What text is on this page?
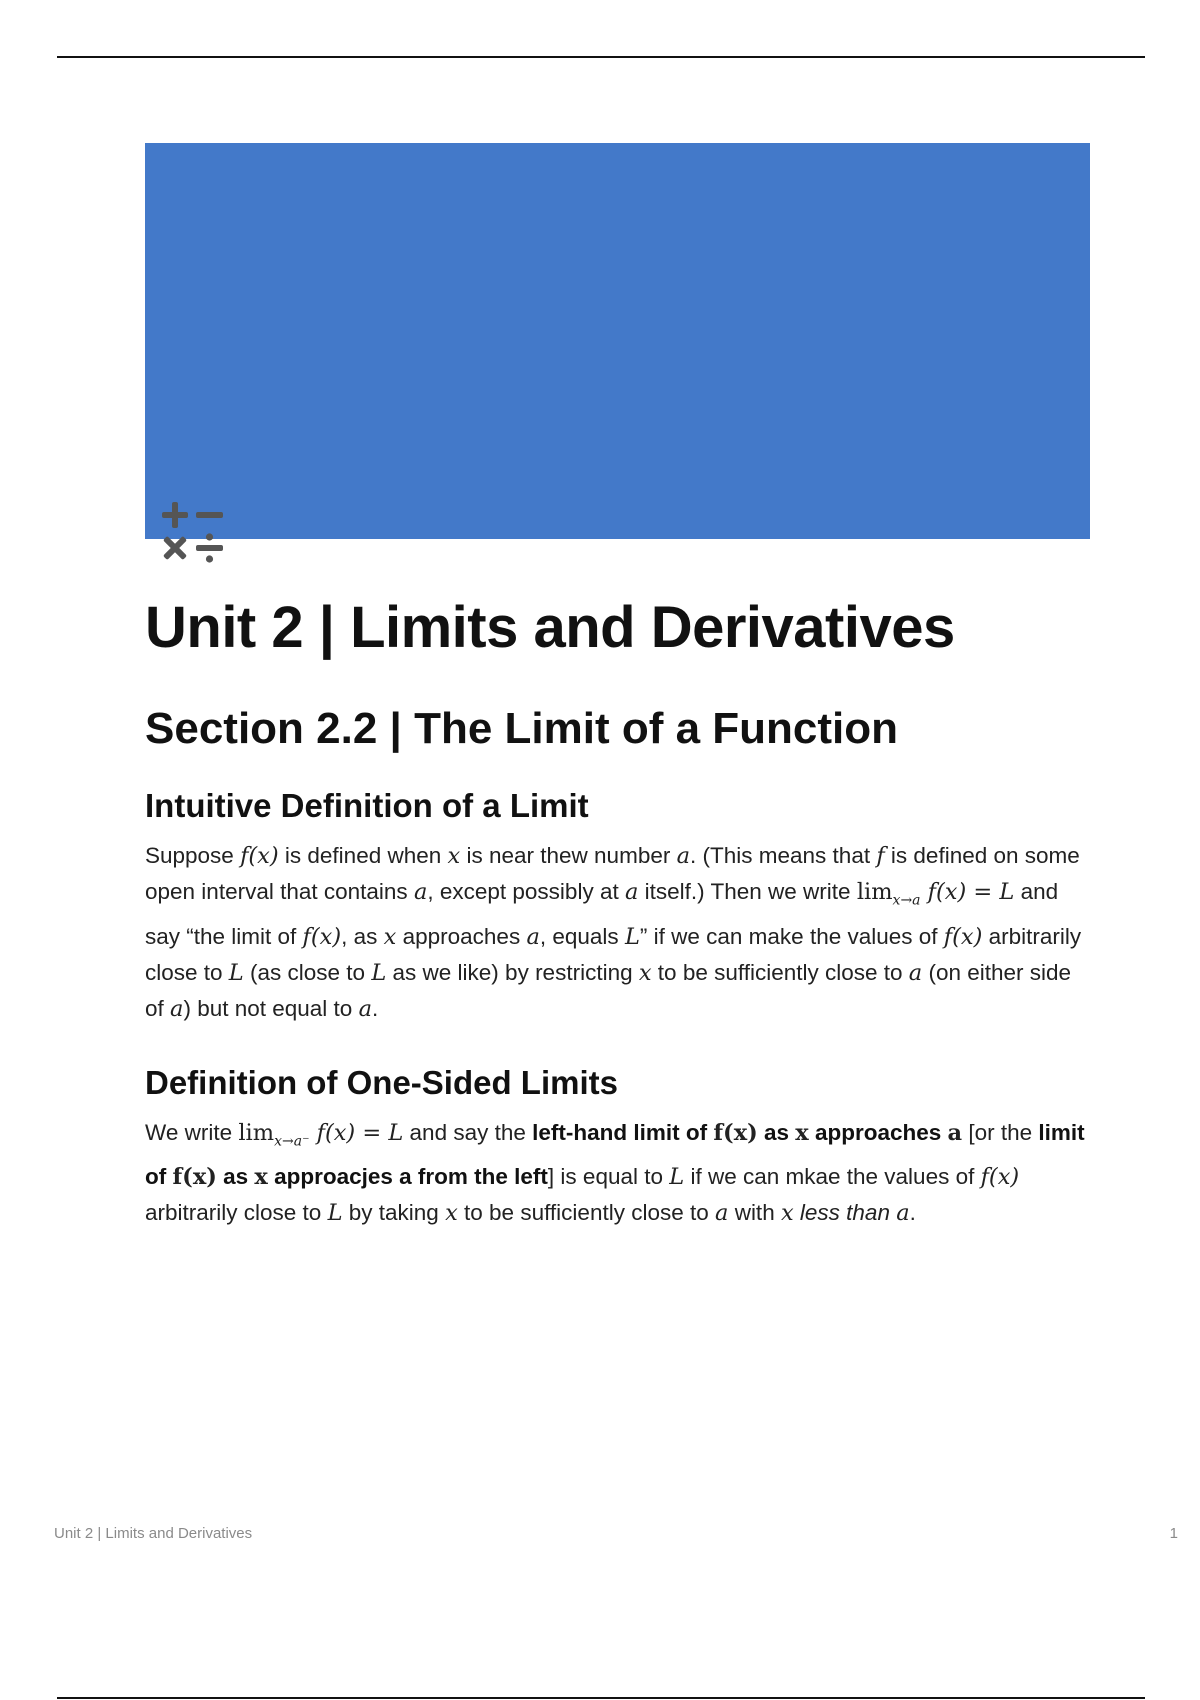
Unit 2 | Limits and Derivatives
Section 2.2 | The Limit of a Function
Intuitive Definition of a Limit

Suppose f(x) is defined when x is near thew number a. (This means that f is defined on some open interval that contains a, except possibly at a itself.) Then we write $\lim_{x\to a} f(x) = L$ and say “the limit of f(x), as x approaches a, equals L” if we can make the values of f(x) arbitrarily close to L (as close to L as we like) by restricting x to be sufficiently close to a (on either side of a) but not equal to a.

Definition of One-Sided Limits

We write $\lim_{x\to a^-} f(x) = L$ and say the left-hand limit of f(x) as x approaches a [or the limit of f(x) as x approacjes a from the left] is equal to L if we can mkae the values of f(x) arbitrarily close to L by taking x to be sufficiently close to a with x less than a.

Unit 2 | Limits and Derivatives	1
